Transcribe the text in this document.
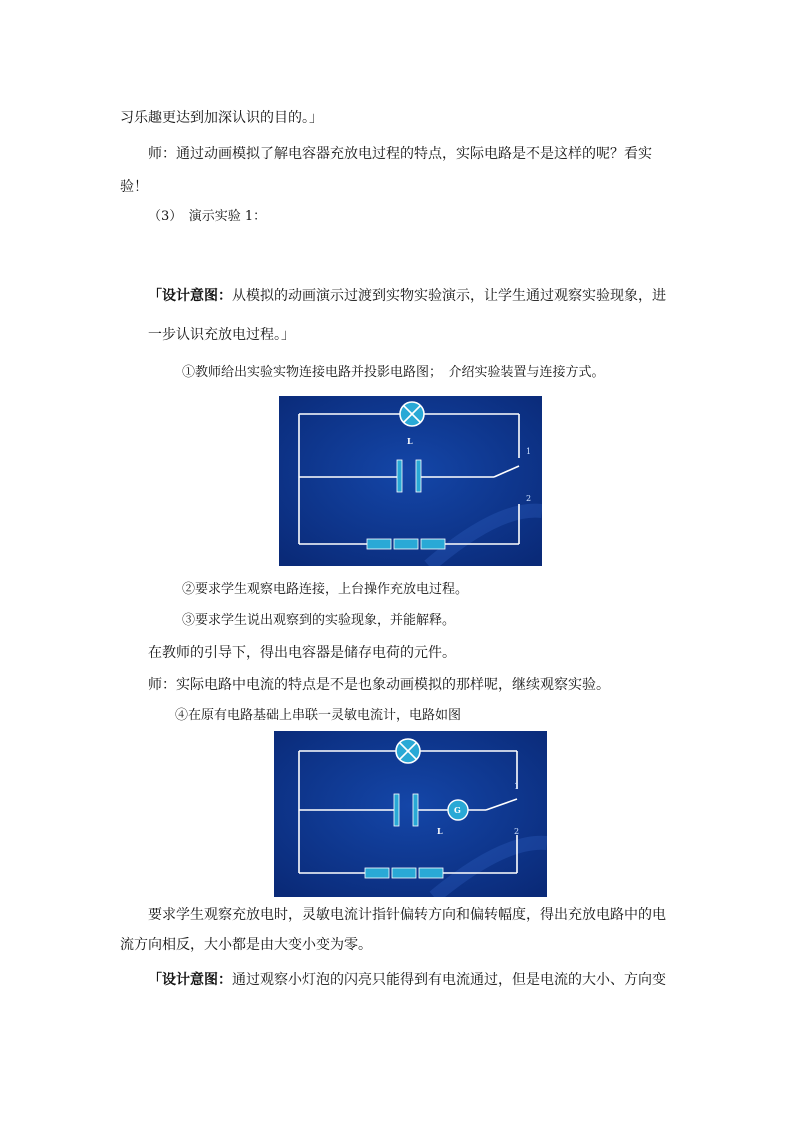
习乐趣更达到加深认识的目的。」
师：通过动画模拟了解电容器充放电过程的特点，实际电路是不是这样的呢？看实
验！
（3）　演示实验 1：
「设计意图：从模拟的动画演示过渡到实物实验演示，让学生通过观察实验现象，进
一步认识充放电过程。」
①教师给出实验实物连接电路并投影电路图；　介绍实验装置与连接方式。
L
1
2
②要求学生观察电路连接，上台操作充放电过程。
③要求学生说出观察到的实验现象，并能解释。
在教师的引导下，得出电容器是储存电荷的元件。
师：实际电路中电流的特点是不是也象动画模拟的那样呢，继续观察实验。
④在原有电路基础上串联一灵敏电流计，电路如图
G
L
1
2
要求学生观察充放电时，灵敏电流计指针偏转方向和偏转幅度，得出充放电路中的电
流方向相反，大小都是由大变小变为零。
「设计意图：通过观察小灯泡的闪亮只能得到有电流通过，但是电流的大小、方向变
